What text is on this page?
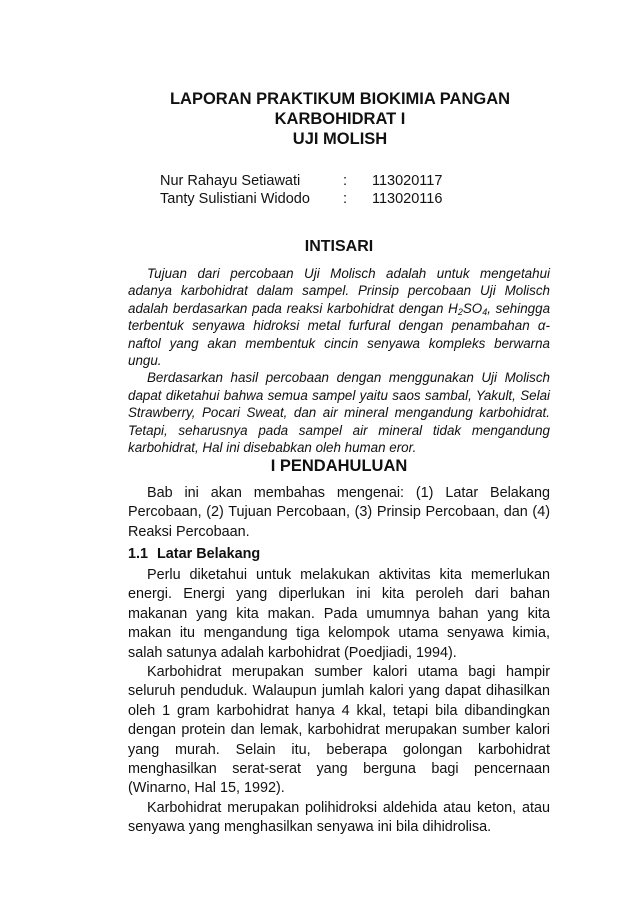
LAPORAN PRAKTIKUM BIOKIMIA PANGAN
KARBOHIDRAT I
UJI MOLISH
Nur Rahayu Setiawati	: 113020117
Tanty Sulistiani Widodo : 113020116
INTISARI

Tujuan dari percobaan Uji Molisch adalah untuk mengetahui adanya karbohidrat dalam sampel. Prinsip percobaan Uji Molisch adalah berdasarkan pada reaksi karbohidrat dengan $H_2SO_4$, sehingga terbentuk senyawa hidroksi metal furfural dengan penambahan α-naftol yang akan membentuk cincin senyawa kompleks berwarna ungu.

Berdasarkan hasil percobaan dengan menggunakan Uji Molisch dapat diketahui bahwa semua sampel yaitu saos sambal, Yakult, Selai Strawberry, Pocari Sweat, dan air mineral mengandung karbohidrat. Tetapi, seharusnya pada sampel air mineral tidak mengandung karbohidrat, Hal ini disebabkan oleh human eror.

I PENDAHULUAN

Bab ini akan membahas mengenai: (1) Latar Belakang Percobaan, (2) Tujuan Percobaan, (3) Prinsip Percobaan, dan (4) Reaksi Percobaan.

1.1 Latar Belakang

Perlu diketahui untuk melakukan aktivitas kita memerlukan energi. Energi yang diperlukan ini kita peroleh dari bahan makanan yang kita makan. Pada umumnya bahan yang kita makan itu mengandung tiga kelompok utama senyawa kimia, salah satunya adalah karbohidrat (Poedjiadi, 1994).

Karbohidrat merupakan sumber kalori utama bagi hampir seluruh penduduk. Walaupun jumlah kalori yang dapat dihasilkan oleh 1 gram karbohidrat hanya 4 kkal, tetapi bila dibandingkan dengan protein dan lemak, karbohidrat merupakan sumber kalori yang murah. Selain itu, beberapa golongan karbohidrat menghasilkan serat-serat yang berguna bagi pencernaan (Winarno, Hal 15, 1992).

Karbohidrat merupakan polihidroksi aldehida atau keton, atau senyawa yang menghasilkan senyawa ini bila dihidrolisa.
